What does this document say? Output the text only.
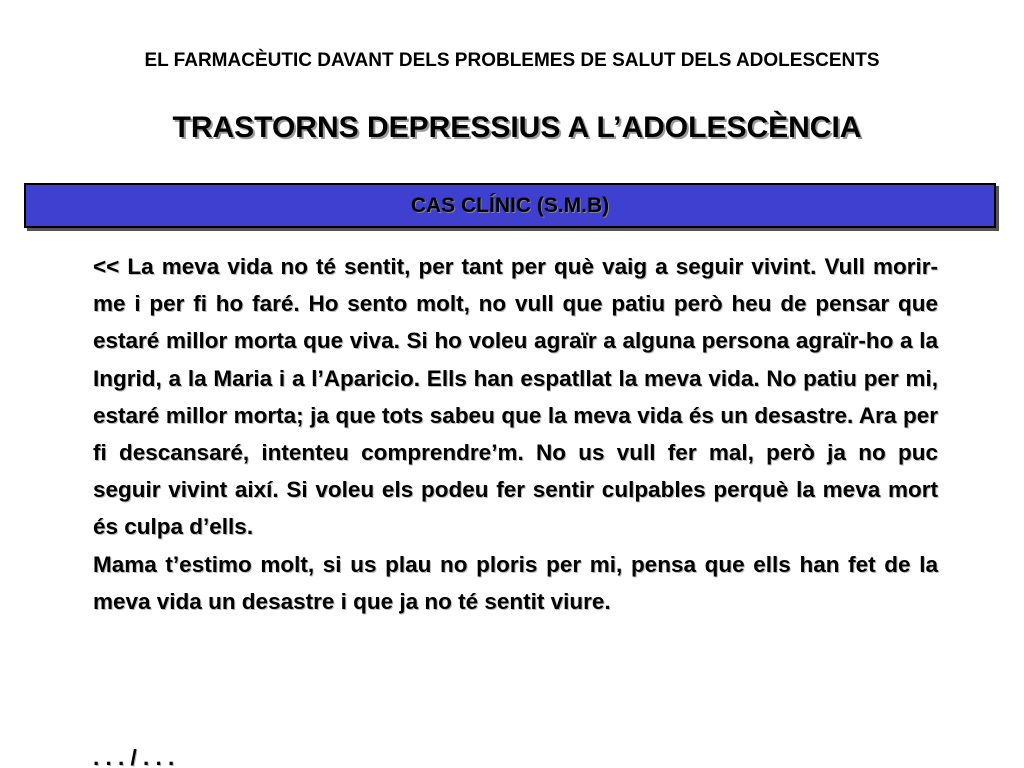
EL FARMACÈUTIC DAVANT DELS PROBLEMES DE SALUT DELS ADOLESCENTS
TRASTORNS DEPRESSIUS A L’ADOLESCÈNCIA
CAS CLÍNIC (S.M.B)

<< La meva vida no té sentit, per tant per què vaig a seguir vivint. Vull morir-me i per fi ho faré. Ho sento molt, no vull que patiu però heu de pensar que estaré millor morta que viva. Si ho voleu agraïr a alguna persona agraïr-ho a la Ingrid, a la Maria i a l’Aparicio. Ells han espatllat la meva vida. No patiu per mi, estaré millor morta; ja que tots sabeu que la meva vida és un desastre. Ara per fi descansaré, intenteu comprendre’m. No us vull fer mal, però ja no puc seguir vivint així. Si voleu els podeu fer sentir culpables perquè la meva mort és culpa d’ells.

Mama t’estimo molt, si us plau no ploris per mi, pensa que ells han fet de la meva vida un desastre i que ja no té sentit viure.

. . . / . . .
